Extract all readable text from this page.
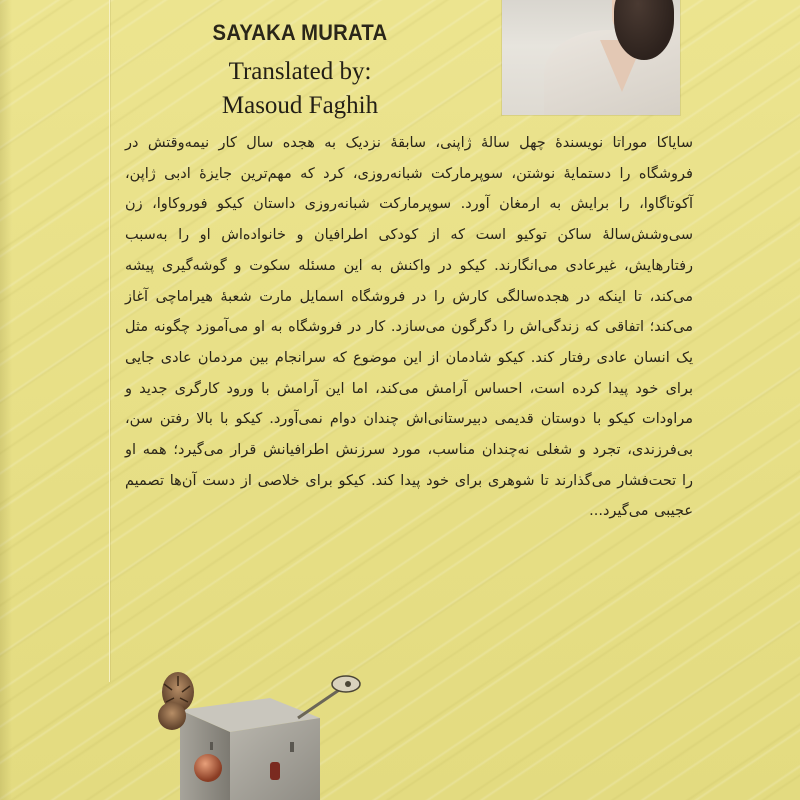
SAYAKA MURATA
Translated by:
Masoud Faghih

سایاکا موراتا نویسندهٔ چهل سالهٔ ژاپنی، سابقهٔ نزدیک به هجده سال کار نیمه‌وقتش در فروشگاه را دستمایهٔ نوشتن، سوپرمارکت شبانه‌روزی، کرد که مهم‌ترین جایزهٔ ادبی ژاپن، آکوتاگاوا، را برایش به ارمغان آورد. سوپرمارکت شبانه‌روزی داستان کیکو فوروکاوا، زن سی‌وشش‌سالهٔ ساکن توکیو است که از کودکی اطرافیان و خانواده‌اش او را به‌سبب رفتارهایش، غیرعادی می‌انگارند. کیکو در واکنش به این مسئله سکوت و گوشه‌گیری پیشه می‌کند، تا اینکه در هجده‌سالگی کارش را در فروشگاه اسمایل مارت شعبهٔ هیراماچی آغاز می‌کند؛ اتفاقی که زندگی‌اش را دگرگون می‌سازد. کار در فروشگاه به او می‌آموزد چگونه مثل یک انسان عادی رفتار کند. کیکو شادمان از این موضوع که سرانجام بین مردمان عادی جایی برای خود پیدا کرده است، احساس آرامش می‌کند، اما این آرامش با ورود کارگری جدید و مراودات کیکو با دوستان قدیمی دبیرستانی‌اش چندان دوام نمی‌آورد. کیکو با بالا رفتن سن، بی‌فرزندی، تجرد و شغلی نه‌چندان مناسب، مورد سرزنش اطرافیانش قرار می‌گیرد؛ همه او را تحت‌فشار می‌گذارند تا شوهری برای خود پیدا کند. کیکو برای خلاصی از دست آن‌ها تصمیم عجیبی می‌گیرد...
